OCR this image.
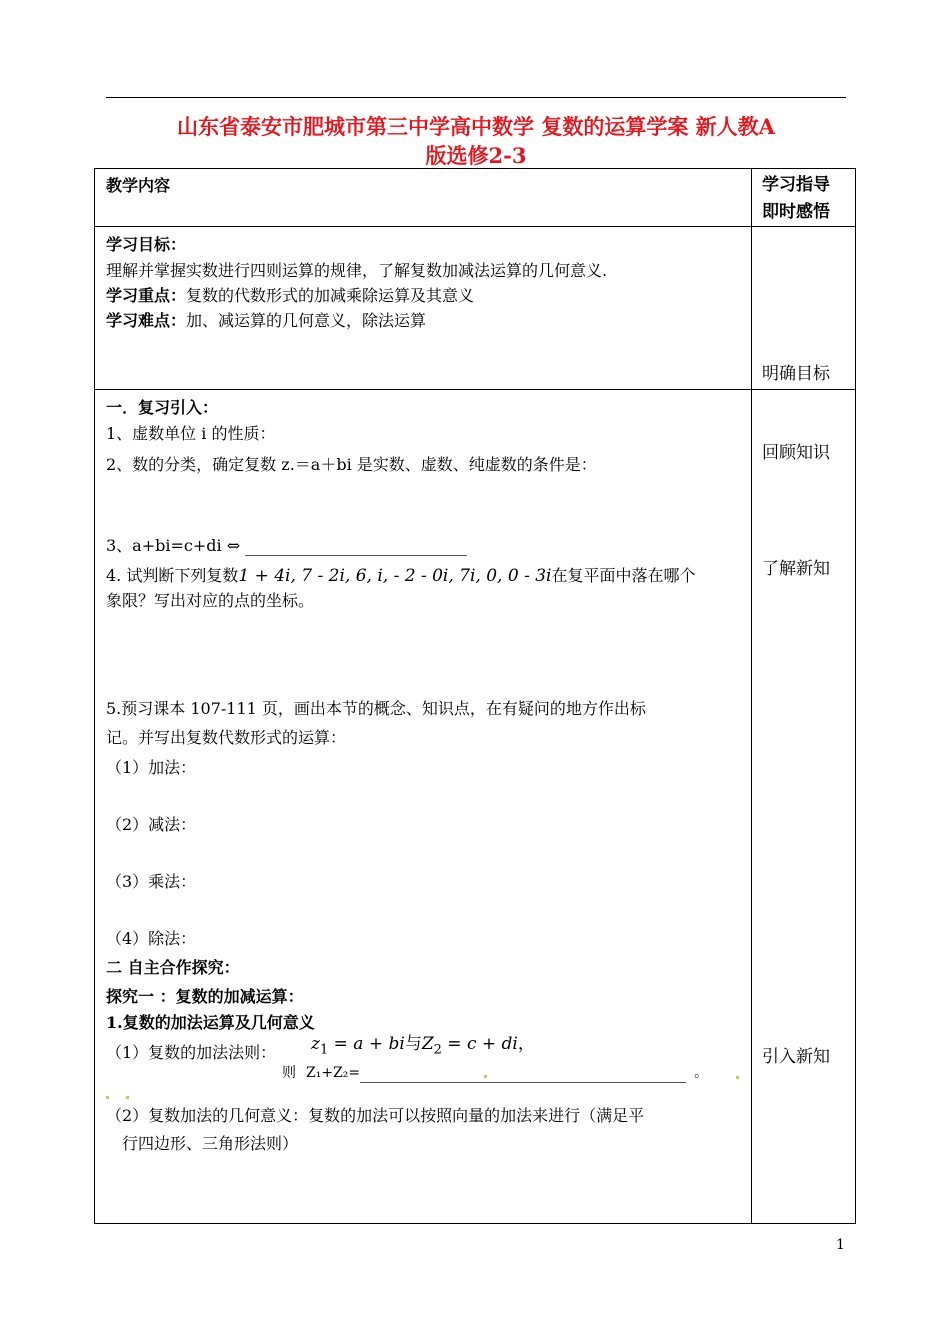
山东省泰安市肥城市第三中学高中数学 复数的运算学案 新人教A
版选修2-3
教学内容	学习指导
即时感悟
学习目标：
理解并掌握实数进行四则运算的规律，了解复数加减法运算的几何意义.
学习重点：复数的代数形式的加减乘除运算及其意义
学习难点：加、减运算的几何意义，除法运算
明确目标
一．复习引入：
1、虚数单位 i 的性质：
2、数的分类，确定复数 z.＝a＋bi 是实数、虚数、纯虚数的条件是：
3、a+bi=c+di ⇔
4. 试判断下列复数1 + 4i, 7 - 2i, 6, i, - 2 - 0i, 7i, 0, 0 - 3i在复平面中落在哪个
象限？写出对应的点的坐标。
5.预习课本 107-111 页，画出本节的概念、知识点，在有疑问的地方作出标
记。并写出复数代数形式的运算：
（1）加法：
（2）减法：
（3）乘法：
（4）除法：
回顾知识
了解新知
二 自主合作探究：
探究一 ：复数的加减运算：
1.复数的加法运算及几何意义
（1）复数的加法法则： $z_1 = a$ + bi与$Z_2 = c$ + di，
则 Z₁+Z₂=	。
（2）复数加法的几何意义：复数的加法可以按照向量的加法来进行（满足平
行四边形、三角形法则）
引入新知
1
